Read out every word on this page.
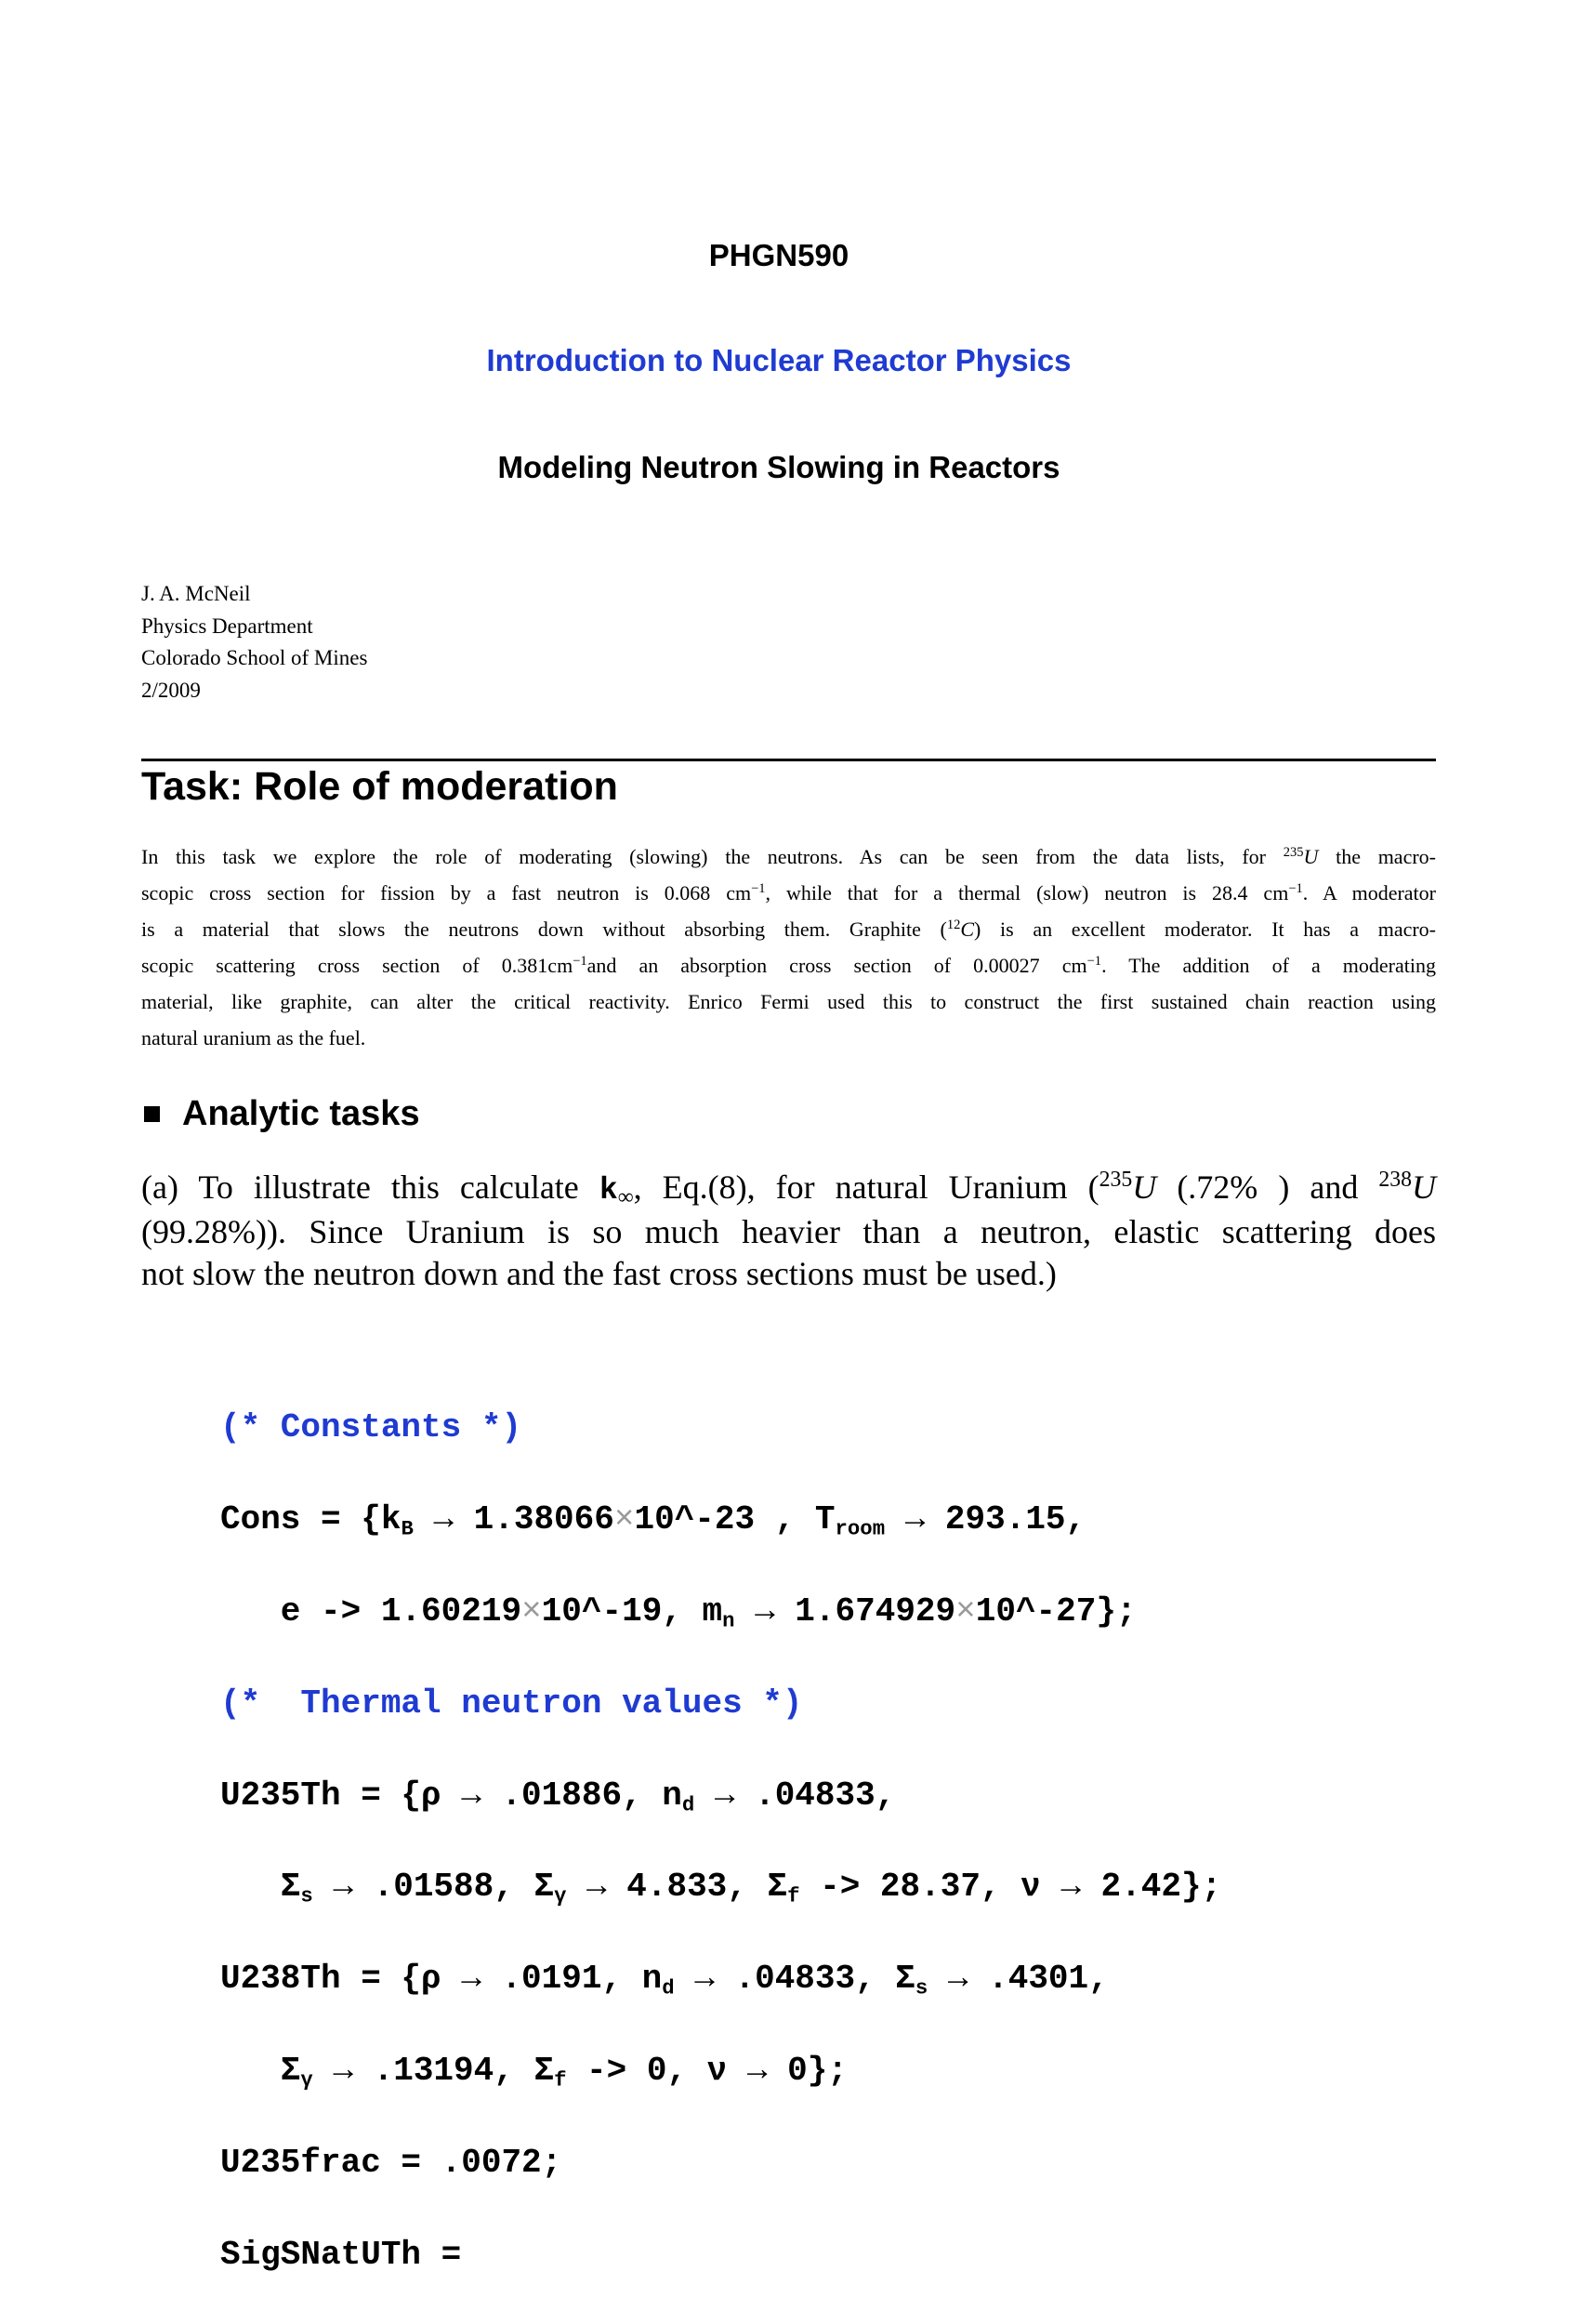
PHGN590
Introduction to Nuclear Reactor Physics
Modeling Neutron Slowing in Reactors
J. A. McNeil
Physics Department
Colorado School of Mines
2/2009
Task: Role of moderation
In this task we explore the role of moderating (slowing) the neutrons. As can be seen from the data lists, for $^{235}$U the macro-
scopic cross section for fission by a fast neutron is 0.068 $cm^{-1}$, while that for a thermal (slow) neutron is 28.4 $cm^{-1}$. A moderator
is a material that slows the neutrons down without absorbing them. Graphite ($^{12}$C) is an excellent moderator. It has a macro-
scopic scattering cross section of $0.381cm^{-1}and$ an absorption cross section of 0.00027 $cm^{-1}$. The addition of a moderating
material, like graphite, can alter the critical reactivity. Enrico Fermi used this to construct the first sustained chain reaction using
natural uranium as the fuel.
Analytic tasks
(a) To illustrate this calculate $k_\infty$, Eq.(8), for natural Uranium ($^{235}$U (.72% ) and $^{238}$U
(99.28%)). Since Uranium is so much heavier than a neutron, elastic scattering does
not slow the neutron down and the fast cross sections must be used.)

(* Constants *)

Cons = {$k_B$ → 1.38066×10^-23 , $T_{room} \to 293.15$,

e -> 1.60219×10^-19, $m_n$ → 1.674929×10^-27};

(*  Thermal neutron values *)

U235Th = {ρ → .01886, $n_d \to .04833$,

$\Sigma_s \to .01588$, $\Sigma_\gamma \to 4.833$, $\Sigma_f -> 28.37$, ν → 2.42};

U238Th = {ρ → .0191, $n_d \to .04833$, $\Sigma_s \to .4301$,

$\Sigma_\gamma \to .13194$, $\Sigma_f -> 0$, ν → 0};

U235frac = .0072;

SigSNatUTh =
